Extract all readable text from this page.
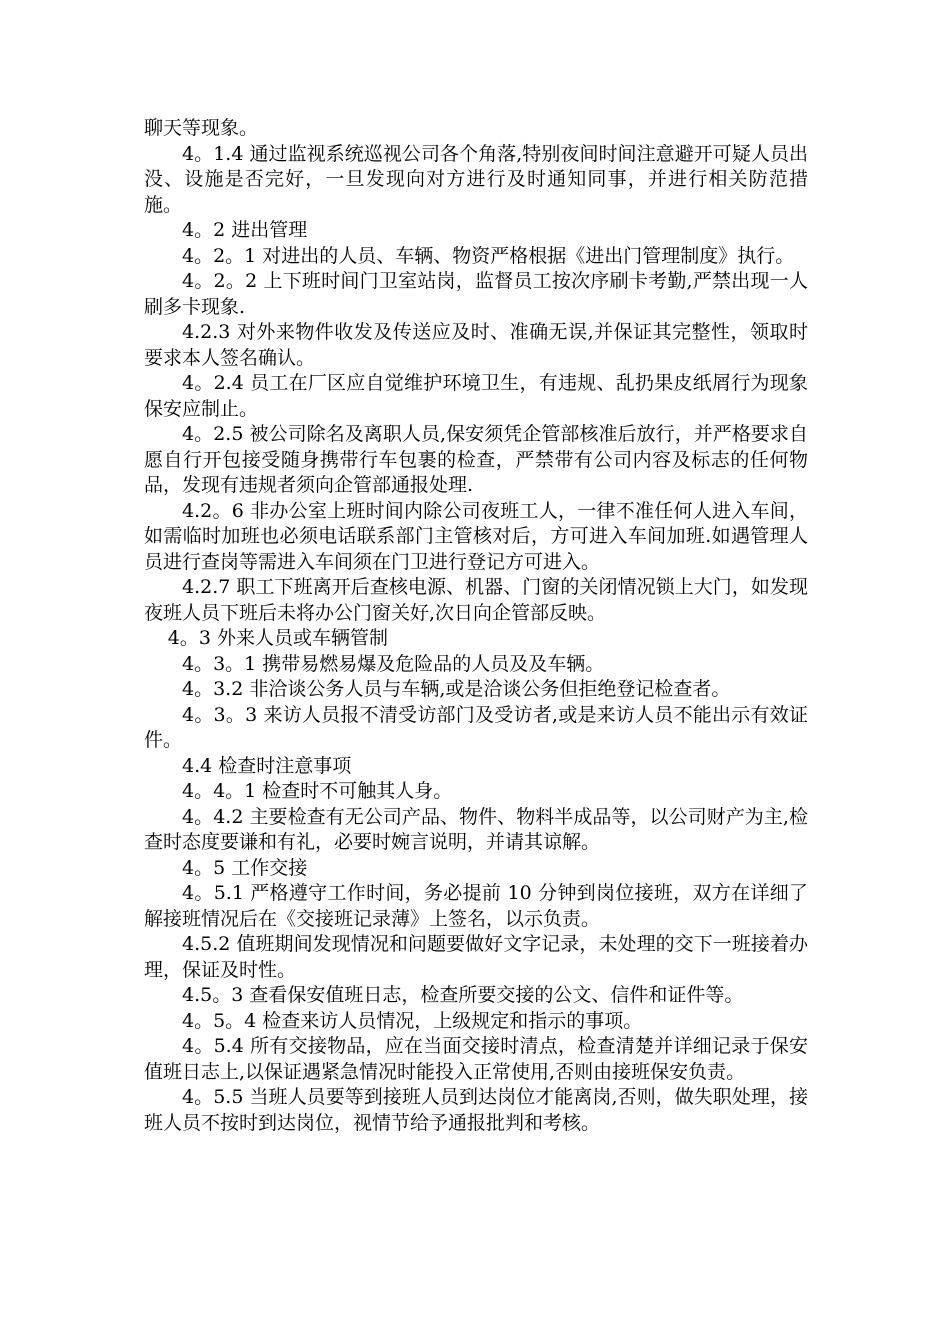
聊天等现象。

4。1.4 通过监视系统巡视公司各个角落,特别夜间时间注意避开可疑人员出没、设施是否完好，一旦发现向对方进行及时通知同事，并进行相关防范措施。

4。2 进出管理

4。2。1 对进出的人员、车辆、物资严格根据《进出门管理制度》执行。

4。2。2 上下班时间门卫室站岗，监督员工按次序刷卡考勤,严禁出现一人刷多卡现象.

4.2.3 对外来物件收发及传送应及时、准确无误,并保证其完整性，领取时要求本人签名确认。

4。2.4 员工在厂区应自觉维护环境卫生，有违规、乱扔果皮纸屑行为现象保安应制止。

4。2.5 被公司除名及离职人员,保安须凭企管部核准后放行，并严格要求自愿自行开包接受随身携带行车包裹的检查，严禁带有公司内容及标志的任何物品，发现有违规者须向企管部通报处理.

4.2。6 非办公室上班时间内除公司夜班工人，一律不准任何人进入车间，如需临时加班也必须电话联系部门主管核对后，方可进入车间加班.如遇管理人员进行查岗等需进入车间须在门卫进行登记方可进入。

4.2.7 职工下班离开后查核电源、机器、门窗的关闭情况锁上大门，如发现夜班人员下班后未将办公门窗关好,次日向企管部反映。

4。3 外来人员或车辆管制

4。3。1 携带易燃易爆及危险品的人员及及车辆。

4。3.2 非洽谈公务人员与车辆,或是洽谈公务但拒绝登记检查者。

4。3。3 来访人员报不清受访部门及受访者,或是来访人员不能出示有效证件。

4.4 检查时注意事项

4。4。1 检查时不可触其人身。

4。4.2 主要检查有无公司产品、物件、物料半成品等，以公司财产为主,检查时态度要谦和有礼，必要时婉言说明，并请其谅解。

4。5 工作交接

4。5.1 严格遵守工作时间，务必提前 10 分钟到岗位接班，双方在详细了解接班情况后在《交接班记录薄》上签名，以示负责。

4.5.2 值班期间发现情况和问题要做好文字记录，未处理的交下一班接着办理，保证及时性。

4.5。3 查看保安值班日志，检查所要交接的公文、信件和证件等。

4。5。4 检查来访人员情况，上级规定和指示的事项。

4。5.4 所有交接物品，应在当面交接时清点，检查清楚并详细记录于保安值班日志上,以保证遇紧急情况时能投入正常使用,否则由接班保安负责。

4。5.5 当班人员要等到接班人员到达岗位才能离岗,否则，做失职处理，接班人员不按时到达岗位，视情节给予通报批判和考核。
